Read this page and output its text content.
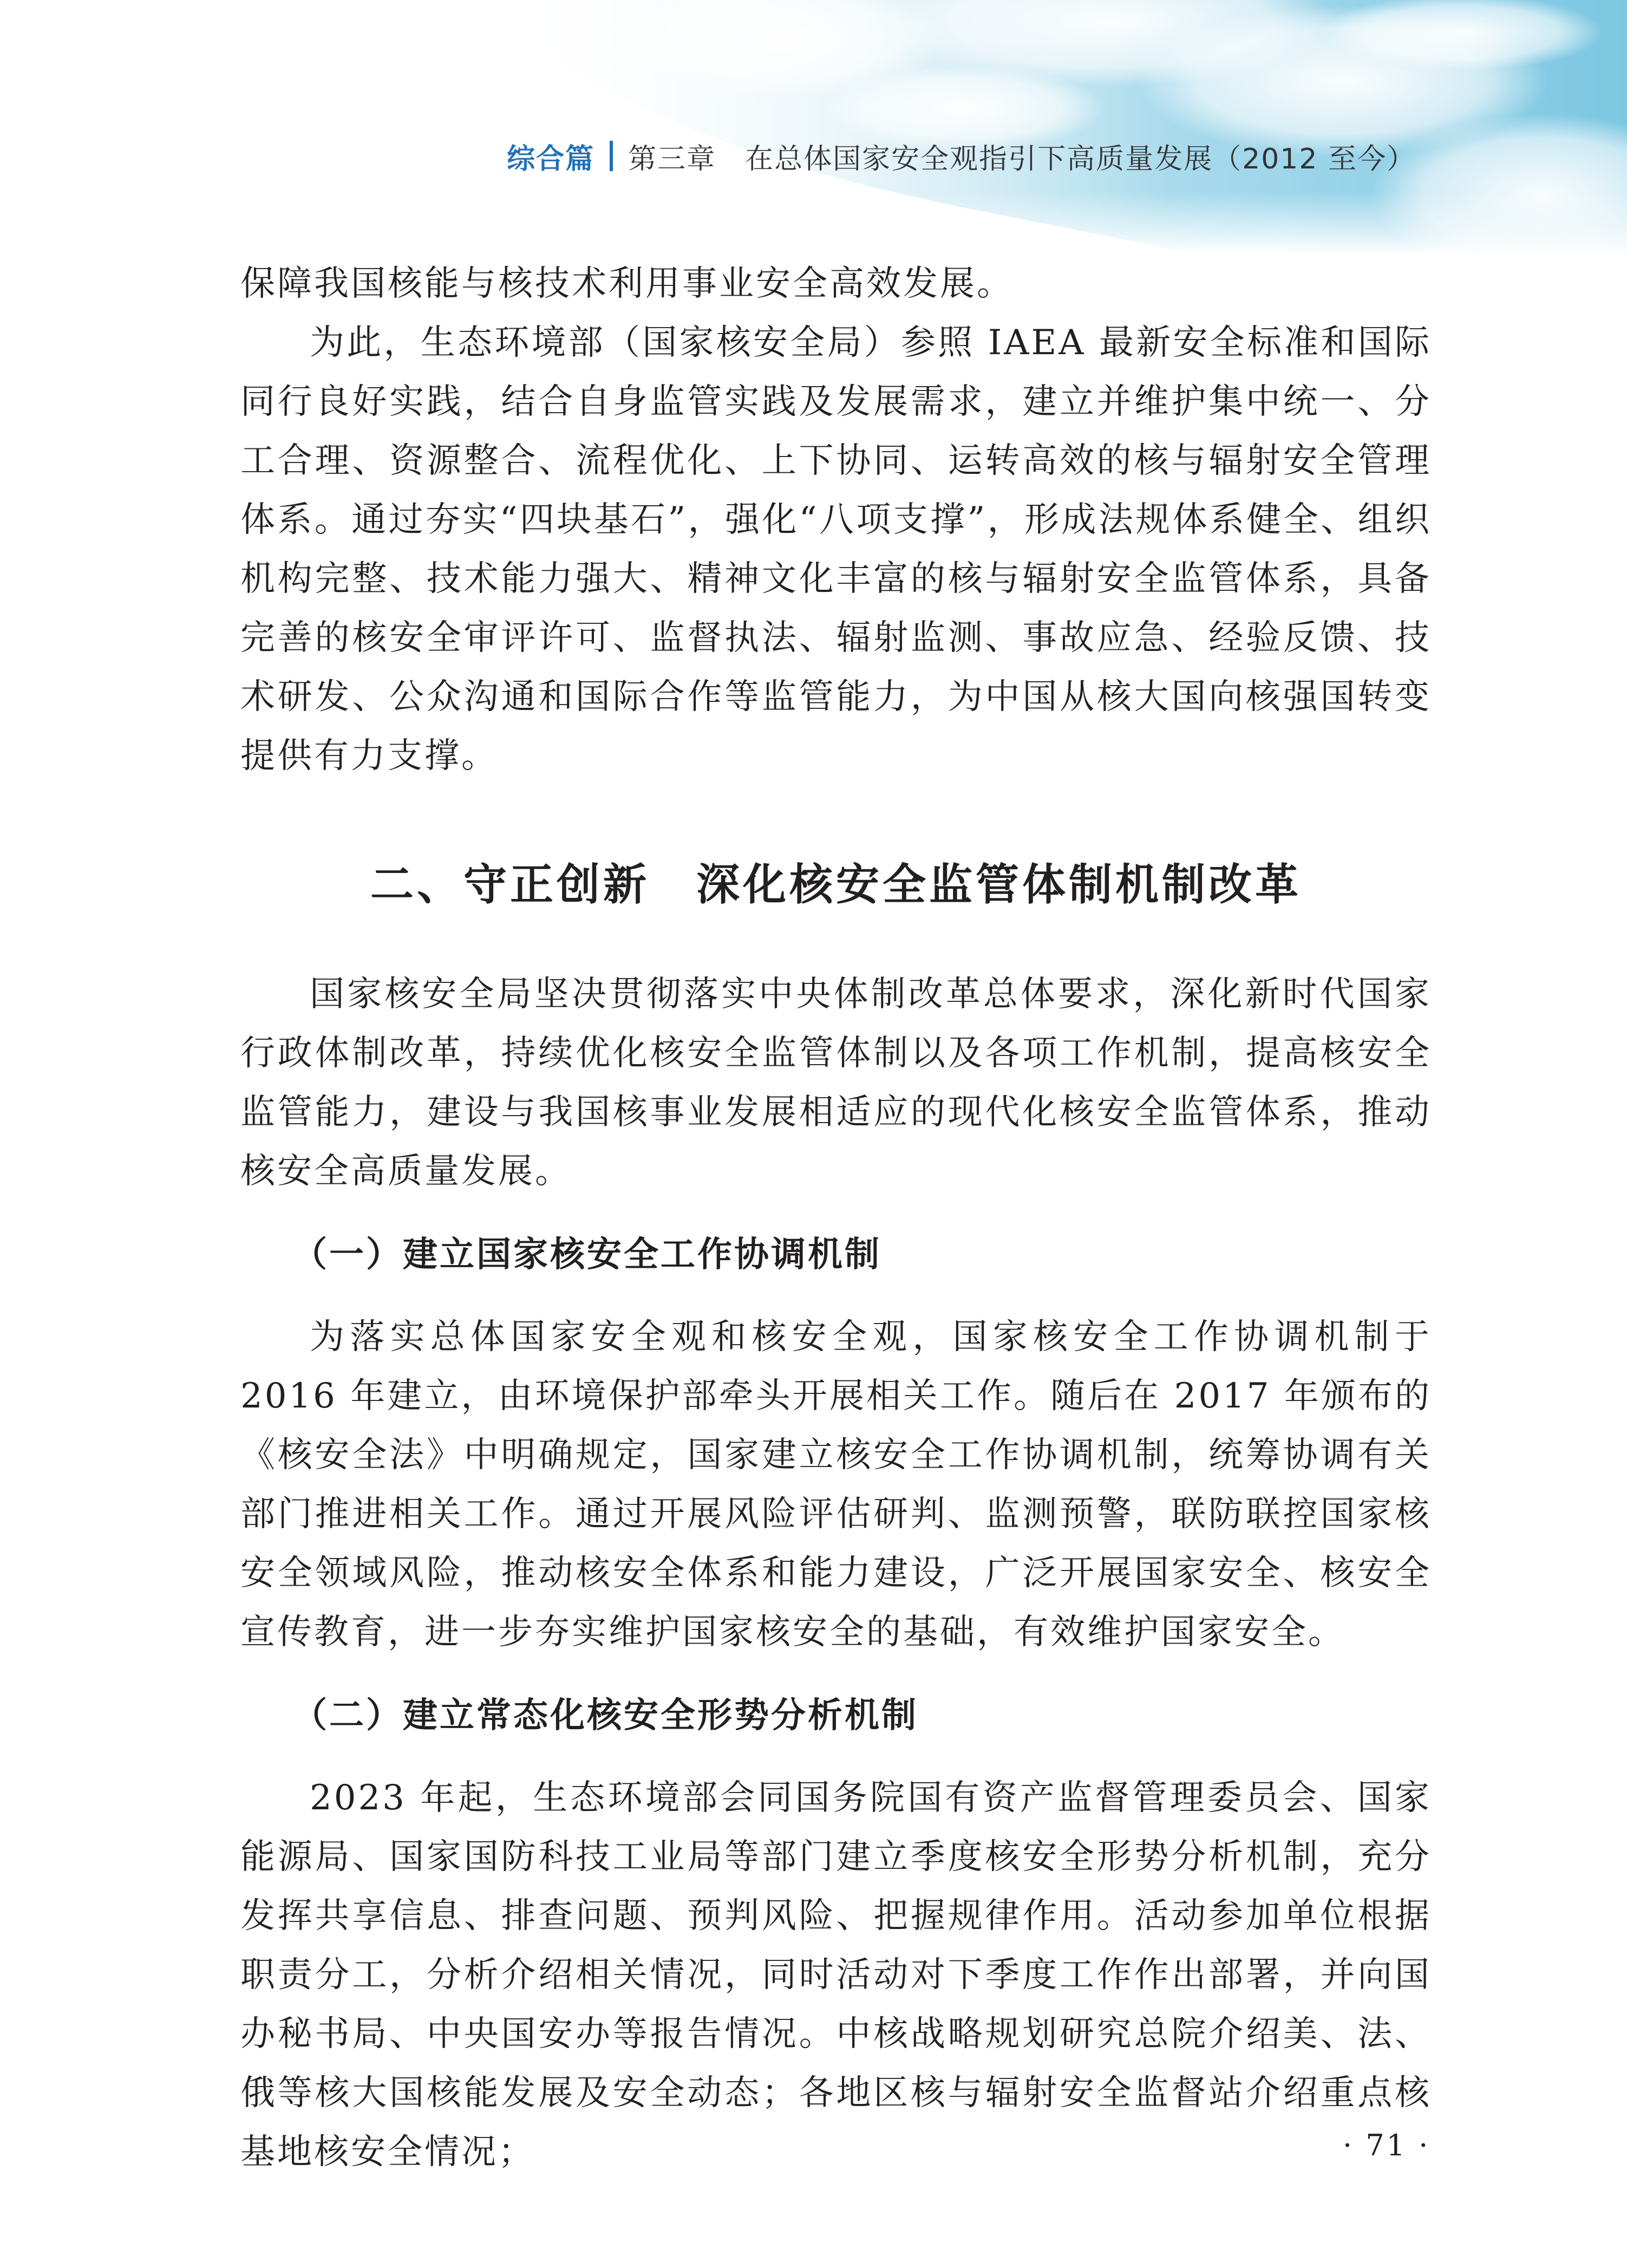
综合篇 第三章 在总体国家安全观指引下高质量发展（2012 至今）

保障我国核能与核技术利用事业安全高效发展。

为此，生态环境部（国家核安全局）参照 IAEA 最新安全标准和国际同行良好实践，结合自身监管实践及发展需求，建立并维护集中统一、分工合理、资源整合、流程优化、上下协同、运转高效的核与辐射安全管理体系。通过夯实“四块基石”，强化“八项支撑”，形成法规体系健全、组织机构完整、技术能力强大、精神文化丰富的核与辐射安全监管体系，具备完善的核安全审评许可、监督执法、辐射监测、事故应急、经验反馈、技术研发、公众沟通和国际合作等监管能力，为中国从核大国向核强国转变提供有力支撑。

二、守正创新　深化核安全监管体制机制改革

国家核安全局坚决贯彻落实中央体制改革总体要求，深化新时代国家行政体制改革，持续优化核安全监管体制以及各项工作机制，提高核安全监管能力，建设与我国核事业发展相适应的现代化核安全监管体系，推动核安全高质量发展。

（一）建立国家核安全工作协调机制

为落实总体国家安全观和核安全观，国家核安全工作协调机制于 2016 年建立，由环境保护部牵头开展相关工作。随后在 2017 年颁布的《核安全法》中明确规定，国家建立核安全工作协调机制，统筹协调有关部门推进相关工作。通过开展风险评估研判、监测预警，联防联控国家核安全领域风险，推动核安全体系和能力建设，广泛开展国家安全、核安全宣传教育，进一步夯实维护国家核安全的基础，有效维护国家安全。

（二）建立常态化核安全形势分析机制

2023 年起，生态环境部会同国务院国有资产监督管理委员会、国家能源局、国家国防科技工业局等部门建立季度核安全形势分析机制，充分发挥共享信息、排查问题、预判风险、把握规律作用。活动参加单位根据职责分工，分析介绍相关情况，同时活动对下季度工作作出部署，并向国办秘书局、中央国安办等报告情况。中核战略规划研究总院介绍美、法、俄等核大国核能发展及安全动态；各地区核与辐射安全监督站介绍重点核基地核安全情况；	· 71 ·
